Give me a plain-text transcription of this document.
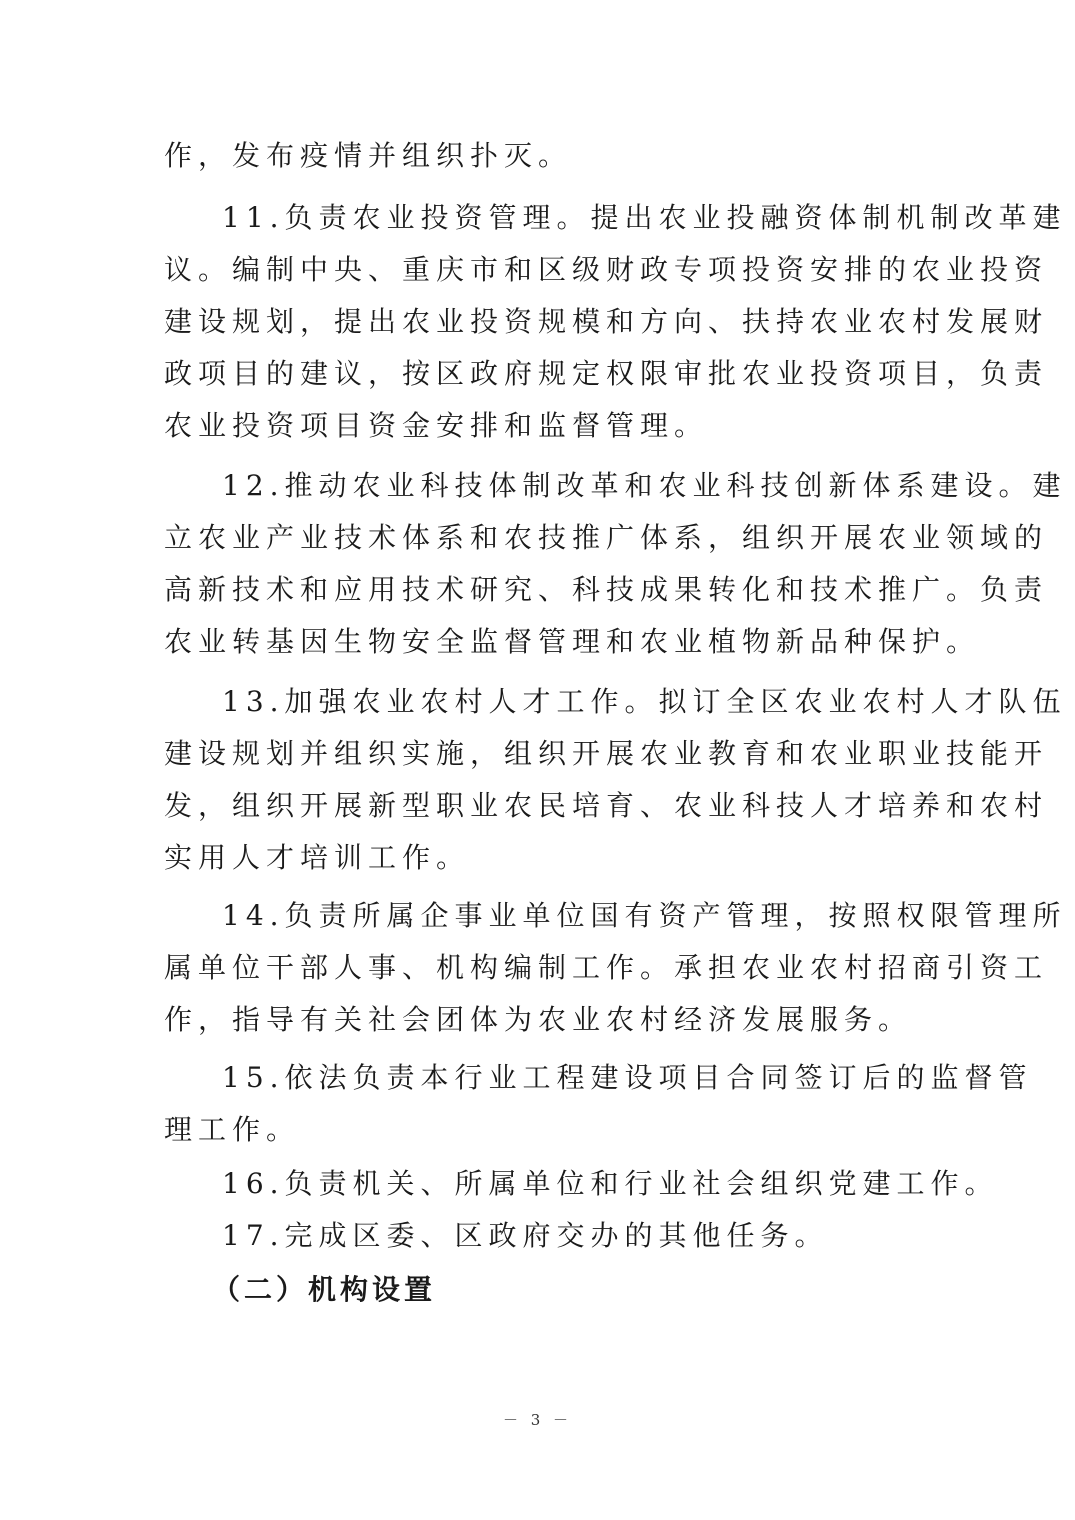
作，发布疫情并组织扑灭。
11.负责农业投资管理。提出农业投融资体制机制改革建
议。编制中央、重庆市和区级财政专项投资安排的农业投资
建设规划，提出农业投资规模和方向、扶持农业农村发展财
政项目的建议，按区政府规定权限审批农业投资项目，负责
农业投资项目资金安排和监督管理。
12.推动农业科技体制改革和农业科技创新体系建设。建
立农业产业技术体系和农技推广体系，组织开展农业领域的
高新技术和应用技术研究、科技成果转化和技术推广。负责
农业转基因生物安全监督管理和农业植物新品种保护。
13.加强农业农村人才工作。拟订全区农业农村人才队伍
建设规划并组织实施，组织开展农业教育和农业职业技能开
发，组织开展新型职业农民培育、农业科技人才培养和农村
实用人才培训工作。
14.负责所属企事业单位国有资产管理，按照权限管理所
属单位干部人事、机构编制工作。承担农业农村招商引资工
作，指导有关社会团体为农业农村经济发展服务。
15.依法负责本行业工程建设项目合同签订后的监督管
理工作。
16.负责机关、所属单位和行业社会组织党建工作。
17.完成区委、区政府交办的其他任务。
（二）机构设置
－ 3 －
